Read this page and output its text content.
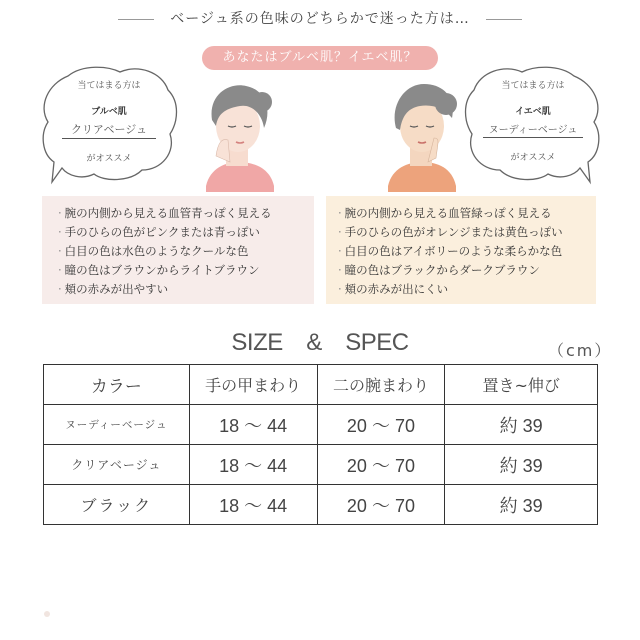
ベージュ系の色味のどちらかで迷った方は…
あなたはブルベ肌？イエベ肌？
当てはまる方は
ブルベ肌
クリアベージュ
がオススメ
当てはまる方は
イエベ肌
ヌーディーベージュ
がオススメ
· 腕の内側から見える血管青っぽく見える
· 手のひらの色がピンクまたは青っぽい
· 白目の色は水色のようなクールな色
· 瞳の色はブラウンからライトブラウン
· 頬の赤みが出やすい
· 腕の内側から見える血管緑っぽく見える
· 手のひらの色がオレンジまたは黄色っぽい
· 白目の色はアイボリーのような柔らかな色
· 瞳の色はブラックからダークブラウン
· 頬の赤みが出にくい
SIZE　&　SPEC	（cm）
カラー	手の甲まわり	二の腕まわり	置き~伸び
ヌーディーベージュ	18 ～ 44	20 ～ 70	約 39
クリアベージュ	18 ～ 44	20 ～ 70	約 39
ブラック	18 ～ 44	20 ～ 70	約 39
